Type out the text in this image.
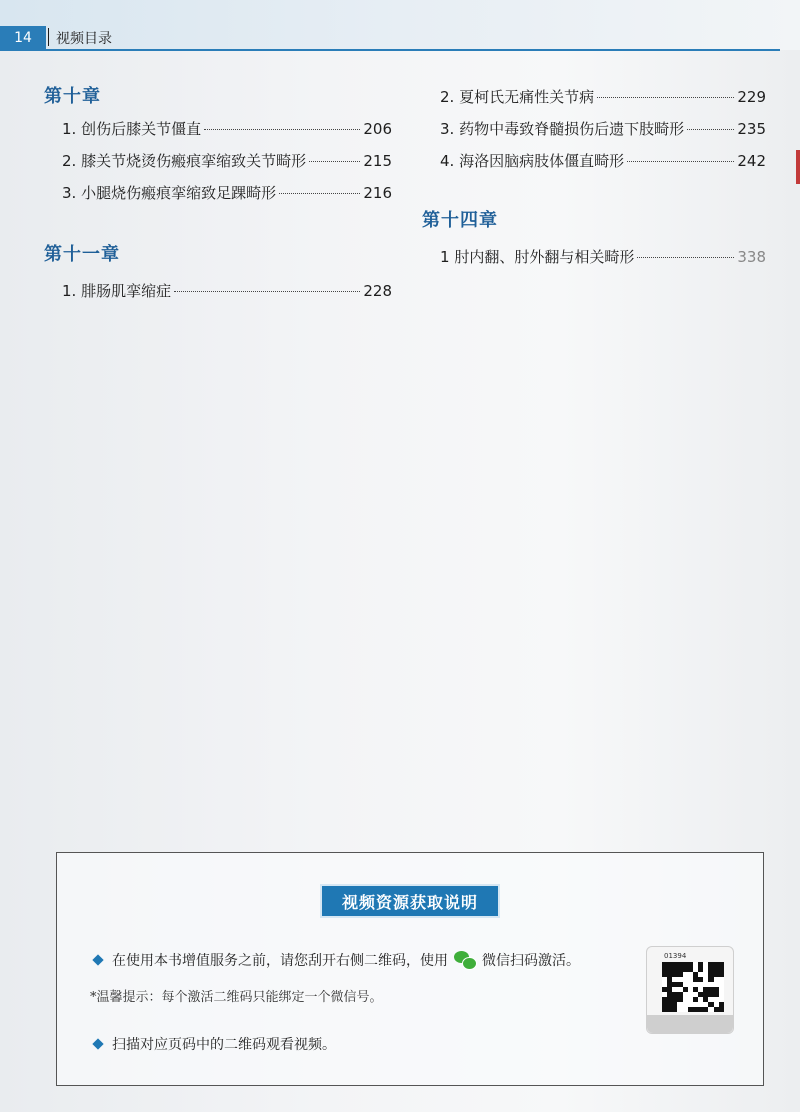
14	视频目录
第十章
1. 创伤后膝关节僵直	206
2. 膝关节烧烫伤瘢痕挛缩致关节畸形	215
3. 小腿烧伤瘢痕挛缩致足踝畸形	216
第十一章
1. 腓肠肌挛缩症	228
2. 夏柯氏无痛性关节病	229
3. 药物中毒致脊髓损伤后遗下肢畸形	235
4. 海洛因脑病肢体僵直畸形	242
第十四章
1 肘内翻、肘外翻与相关畸形	338
视频资源获取说明
在使用本书增值服务之前，请您刮开右侧二维码，使用 微信扫码激活。
*温馨提示：每个激活二维码只能绑定一个微信号。
扫描对应页码中的二维码观看视频。
01394
